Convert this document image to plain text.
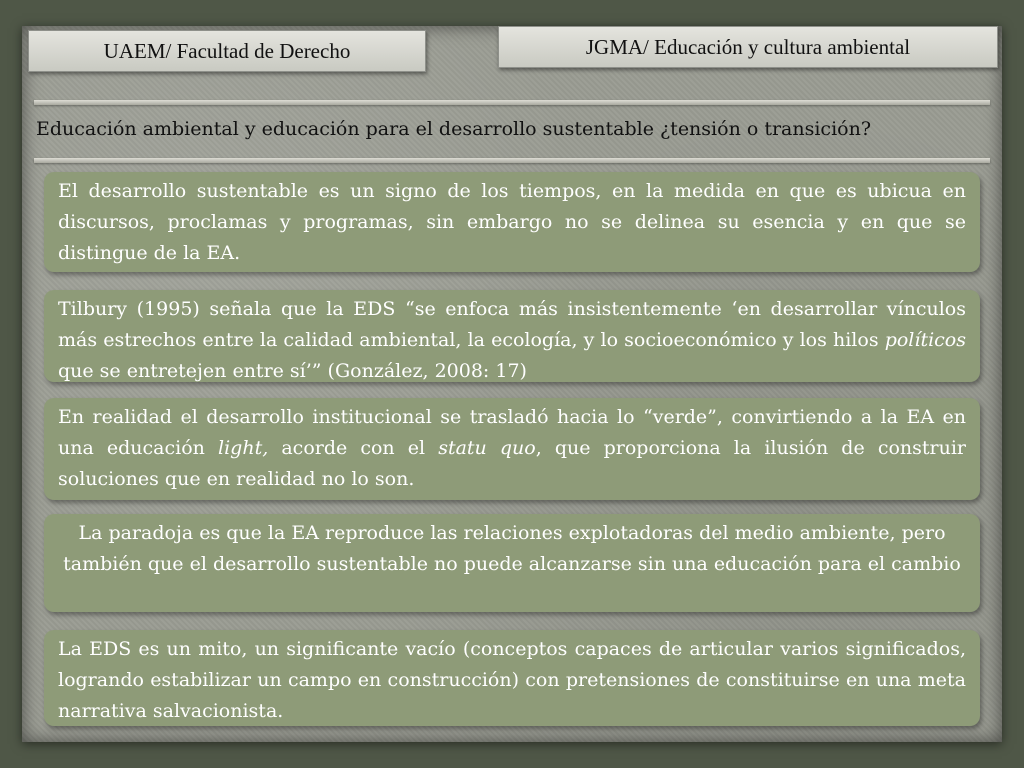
UAEM/ Facultad de Derecho	JGMA/ Educación y cultura ambiental
Educación ambiental y educación para el desarrollo sustentable ¿tensión o transición?
El desarrollo sustentable es un signo de los tiempos, en la medida en que es ubicua en discursos, proclamas y programas, sin embargo no se delinea su esencia y en que se distingue de la EA.
Tilbury (1995) señala que la EDS “se enfoca más insistentemente ‘en desarrollar vínculos más estrechos entre la calidad ambiental, la ecología, y lo socioeconómico y los hilos políticos que se entretejen entre sí’” (González, 2008: 17)
En realidad el desarrollo institucional se trasladó hacia lo “verde”, convirtiendo a la EA en una educación light, acorde con el statu quo, que proporciona la ilusión de construir soluciones que en realidad no lo son.
La paradoja es que la EA reproduce las relaciones explotadoras del medio ambiente, pero también que el desarrollo sustentable no puede alcanzarse sin una educación para el cambio
La EDS es un mito, un significante vacío (conceptos capaces de articular varios significados, logrando estabilizar un campo en construcción) con pretensiones de constituirse en una meta narrativa salvacionista.
